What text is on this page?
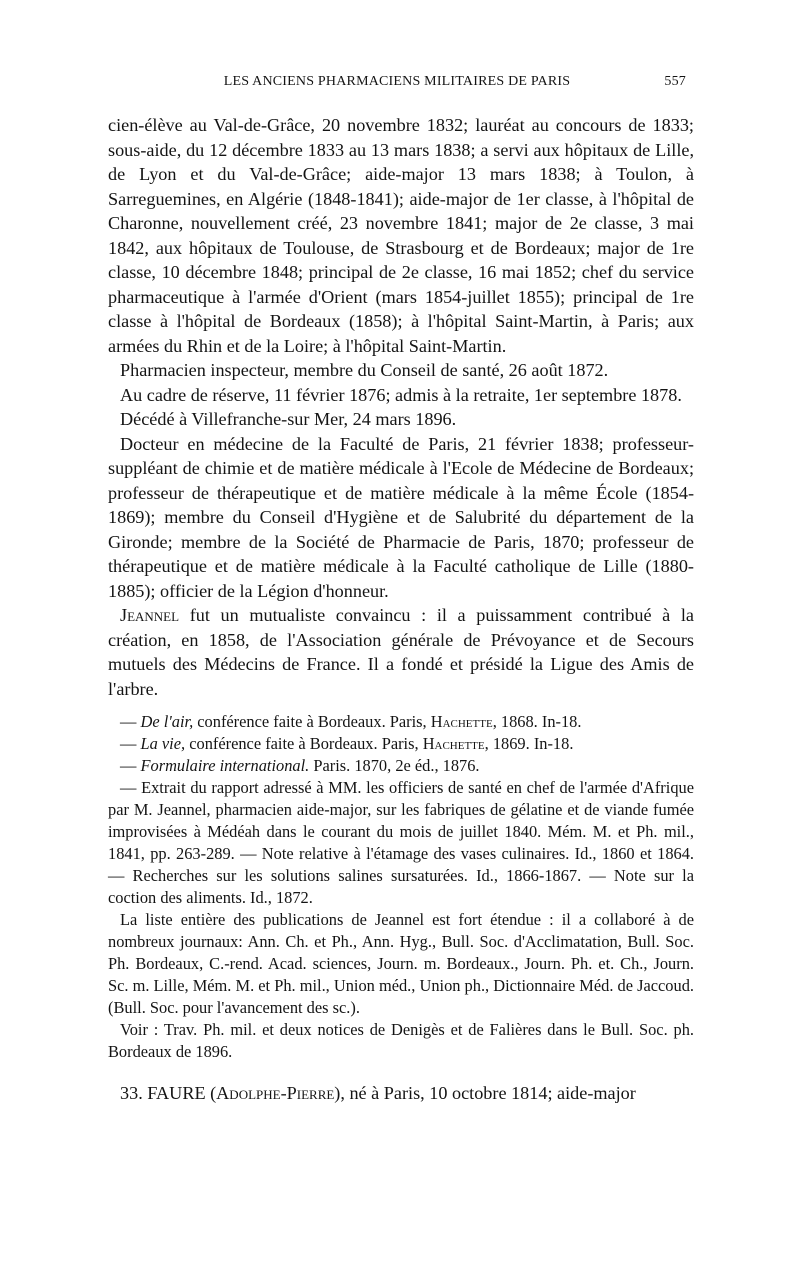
LES ANCIENS PHARMACIENS MILITAIRES DE PARIS	557

cien-élève au Val-de-Grâce, 20 novembre 1832; lauréat au concours de 1833; sous-aide, du 12 décembre 1833 au 13 mars 1838; a servi aux hôpitaux de Lille, de Lyon et du Val-de-Grâce; aide-major 13 mars 1838; à Toulon, à Sarreguemines, en Algérie (1848-1841); aide-major de 1er classe, à l'hôpital de Charonne, nouvellement créé, 23 novembre 1841; major de 2e classe, 3 mai 1842, aux hôpitaux de Toulouse, de Strasbourg et de Bordeaux; major de 1re classe, 10 décembre 1848; principal de 2e classe, 16 mai 1852; chef du service pharmaceutique à l'armée d'Orient (mars 1854-juillet 1855); principal de 1re classe à l'hôpital de Bordeaux (1858); à l'hôpital Saint-Martin, à Paris; aux armées du Rhin et de la Loire; à l'hôpital Saint-Martin.

Pharmacien inspecteur, membre du Conseil de santé, 26 août 1872.

Au cadre de réserve, 11 février 1876; admis à la retraite, 1er septembre 1878.

Décédé à Villefranche-sur Mer, 24 mars 1896.

Docteur en médecine de la Faculté de Paris, 21 février 1838; professeur-suppléant de chimie et de matière médicale à l'Ecole de Médecine de Bordeaux; professeur de thérapeutique et de matière médicale à la même École (1854-1869); membre du Conseil d'Hygiène et de Salubrité du département de la Gironde; membre de la Société de Pharmacie de Paris, 1870; professeur de thérapeutique et de matière médicale à la Faculté catholique de Lille (1880-1885); officier de la Légion d'honneur.

Jeannel fut un mutualiste convaincu : il a puissamment contribué à la création, en 1858, de l'Association générale de Prévoyance et de Secours mutuels des Médecins de France. Il a fondé et présidé la Ligue des Amis de l'arbre.

— De l'air, conférence faite à Bordeaux. Paris, Hachette, 1868. In-18.

— La vie, conférence faite à Bordeaux. Paris, Hachette, 1869. In-18.

— Formulaire international. Paris. 1870, 2e éd., 1876.

— Extrait du rapport adressé à MM. les officiers de santé en chef de l'armée d'Afrique par M. Jeannel, pharmacien aide-major, sur les fabriques de gélatine et de viande fumée improvisées à Médéah dans le courant du mois de juillet 1840. Mém. M. et Ph. mil., 1841, pp. 263-289. — Note relative à l'étamage des vases culinaires. Id., 1860 et 1864. — Recherches sur les solutions salines sursaturées. Id., 1866-1867. — Note sur la coction des aliments. Id., 1872.

La liste entière des publications de Jeannel est fort étendue : il a collaboré à de nombreux journaux: Ann. Ch. et Ph., Ann. Hyg., Bull. Soc. d'Acclimatation, Bull. Soc. Ph. Bordeaux, C.-rend. Acad. sciences, Journ. m. Bordeaux., Journ. Ph. et. Ch., Journ. Sc. m. Lille, Mém. M. et Ph. mil., Union méd., Union ph., Dictionnaire Méd. de Jaccoud. (Bull. Soc. pour l'avancement des sc.).

Voir : Trav. Ph. mil. et deux notices de Denigès et de Falières dans le Bull. Soc. ph. Bordeaux de 1896.

33. FAURE (Adolphe-Pierre), né à Paris, 10 octobre 1814; aide-major
